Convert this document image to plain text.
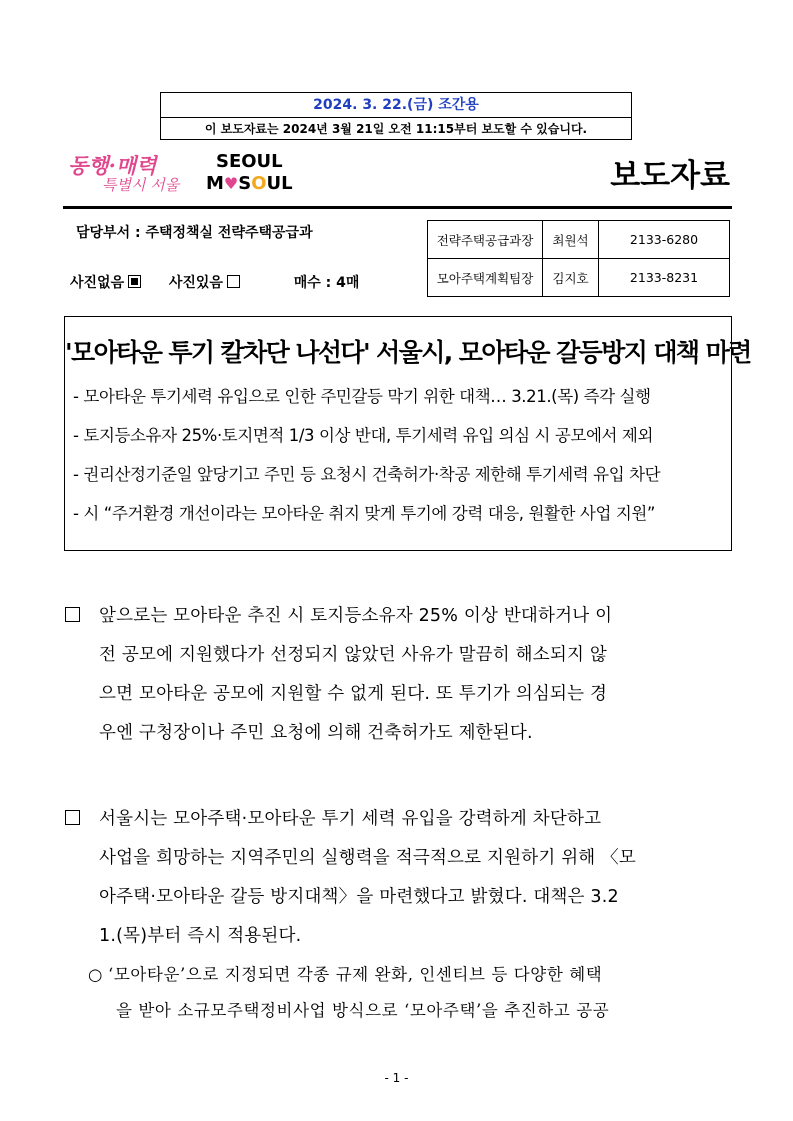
2024. 3. 22.(금) 조간용
이 보도자료는 2024년 3월 21일 오전 11:15부터 보도할 수 있습니다.
동행·매력
특별시 서울
SEOUL
M♥SOUL	보도자료
담당부서 : 주택정책실 전략주택공급과
사진없음	사진있음	매수 : 4매
전략주택공급과장	최원석	2133-6280
모아주택계획팀장	김지호	2133-8231
'모아타운 투기 칼차단 나선다' 서울시, 모아타운 갈등방지 대책 마련
- 모아타운 투기세력 유입으로 인한 주민갈등 막기 위한 대책… 3.21.(목) 즉각 실행
- 토지등소유자 25%·토지면적 1/3 이상 반대, 투기세력 유입 의심 시 공모에서 제외
- 권리산정기준일 앞당기고 주민 등 요청시 건축허가·착공 제한해 투기세력 유입 차단
- 시 “주거환경 개선이라는 모아타운 취지 맞게 투기에 강력 대응, 원활한 사업 지원”
앞으로는 모아타운 추진 시 토지등소유자 25% 이상 반대하거나 이
전 공모에 지원했다가 선정되지 않았던 사유가 말끔히 해소되지 않
으면 모아타운 공모에 지원할 수 없게 된다. 또 투기가 의심되는 경
우엔 구청장이나 주민 요청에 의해 건축허가도 제한된다.
서울시는 모아주택·모아타운 투기 세력 유입을 강력하게 차단하고
사업을 희망하는 지역주민의 실행력을 적극적으로 지원하기 위해 〈모
아주택·모아타운 갈등 방지대책〉을 마련했다고 밝혔다. 대책은 3.2
1.(목)부터 즉시 적용된다.
○ ‘모아타운’으로 지정되면 각종 규제 완화, 인센티브 등 다양한 혜택
을 받아 소규모주택정비사업 방식으로 ‘모아주택’을 추진하고 공공
- 1 -
